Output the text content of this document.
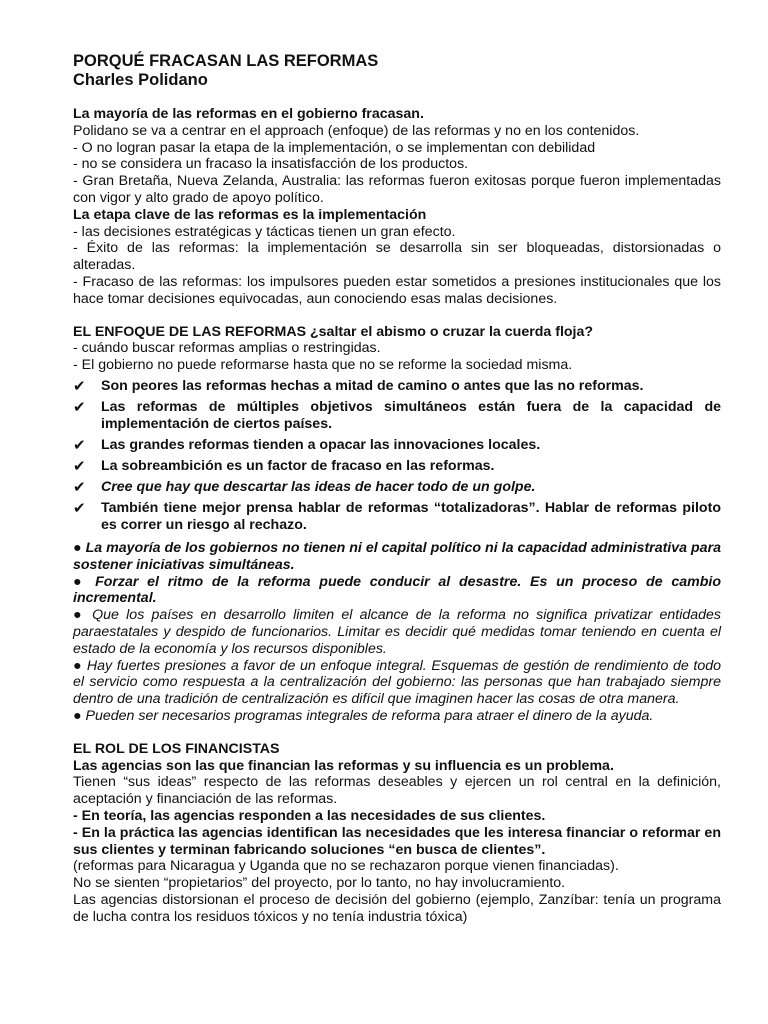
PORQUÉ FRACASAN LAS REFORMAS
Charles Polidano

La mayoría de las reformas en el gobierno fracasan.

Polidano se va a centrar en el approach (enfoque) de las reformas y no en los contenidos.

- O no logran pasar la etapa de la implementación, o se implementan con debilidad

- no se considera un fracaso la insatisfacción de los productos.

- Gran Bretaña, Nueva Zelanda, Australia: las reformas fueron exitosas porque fueron implementadas con vigor y alto grado de apoyo político.

La etapa clave de las reformas es la implementación

- las decisiones estratégicas y tácticas tienen un gran efecto.

- Éxito de las reformas: la implementación se desarrolla sin ser bloqueadas, distorsionadas o alteradas.

- Fracaso de las reformas: los impulsores pueden estar sometidos a presiones institucionales que los hace tomar decisiones equivocadas, aun conociendo esas malas decisiones.

EL ENFOQUE DE LAS REFORMAS ¿saltar el abismo o cruzar la cuerda floja?

- cuándo buscar reformas amplias o restringidas.

- El gobierno no puede reformarse hasta que no se reforme la sociedad misma.

✔ Son peores las reformas hechas a mitad de camino o antes que las no reformas.
✔ Las reformas de múltiples objetivos simultáneos están fuera de la capacidad de implementación de ciertos países.
✔ Las grandes reformas tienden a opacar las innovaciones locales.
✔ La sobreambición es un factor de fracaso en las reformas.
✔ Cree que hay que descartar las ideas de hacer todo de un golpe.
✔ También tiene mejor prensa hablar de reformas “totalizadoras”. Hablar de reformas piloto es correr un riesgo al rechazo.

● La mayoría de los gobiernos no tienen ni el capital político ni la capacidad administrativa para sostener iniciativas simultáneas.

● Forzar el ritmo de la reforma puede conducir al desastre. Es un proceso de cambio incremental.

● Que los países en desarrollo limiten el alcance de la reforma no significa privatizar entidades paraestatales y despido de funcionarios. Limitar es decidir qué medidas tomar teniendo en cuenta el estado de la economía y los recursos disponibles.

● Hay fuertes presiones a favor de un enfoque integral. Esquemas de gestión de rendimiento de todo el servicio como respuesta a la centralización del gobierno: las personas que han trabajado siempre dentro de una tradición de centralización es difícil que imaginen hacer las cosas de otra manera.

● Pueden ser necesarios programas integrales de reforma para atraer el dinero de la ayuda.

EL ROL DE LOS FINANCISTAS

Las agencias son las que financian las reformas y su influencia es un problema.

Tienen “sus ideas” respecto de las reformas deseables y ejercen un rol central en la definición, aceptación y financiación de las reformas.

- En teoría, las agencias responden a las necesidades de sus clientes.

- En la práctica las agencias identifican las necesidades que les interesa financiar o reformar en sus clientes y terminan fabricando soluciones “en busca de clientes”.

(reformas para Nicaragua y Uganda que no se rechazaron porque vienen financiadas).

No se sienten “propietarios” del proyecto, por lo tanto, no hay involucramiento.

Las agencias distorsionan el proceso de decisión del gobierno (ejemplo, Zanzíbar: tenía un programa de lucha contra los residuos tóxicos y no tenía industria tóxica)
